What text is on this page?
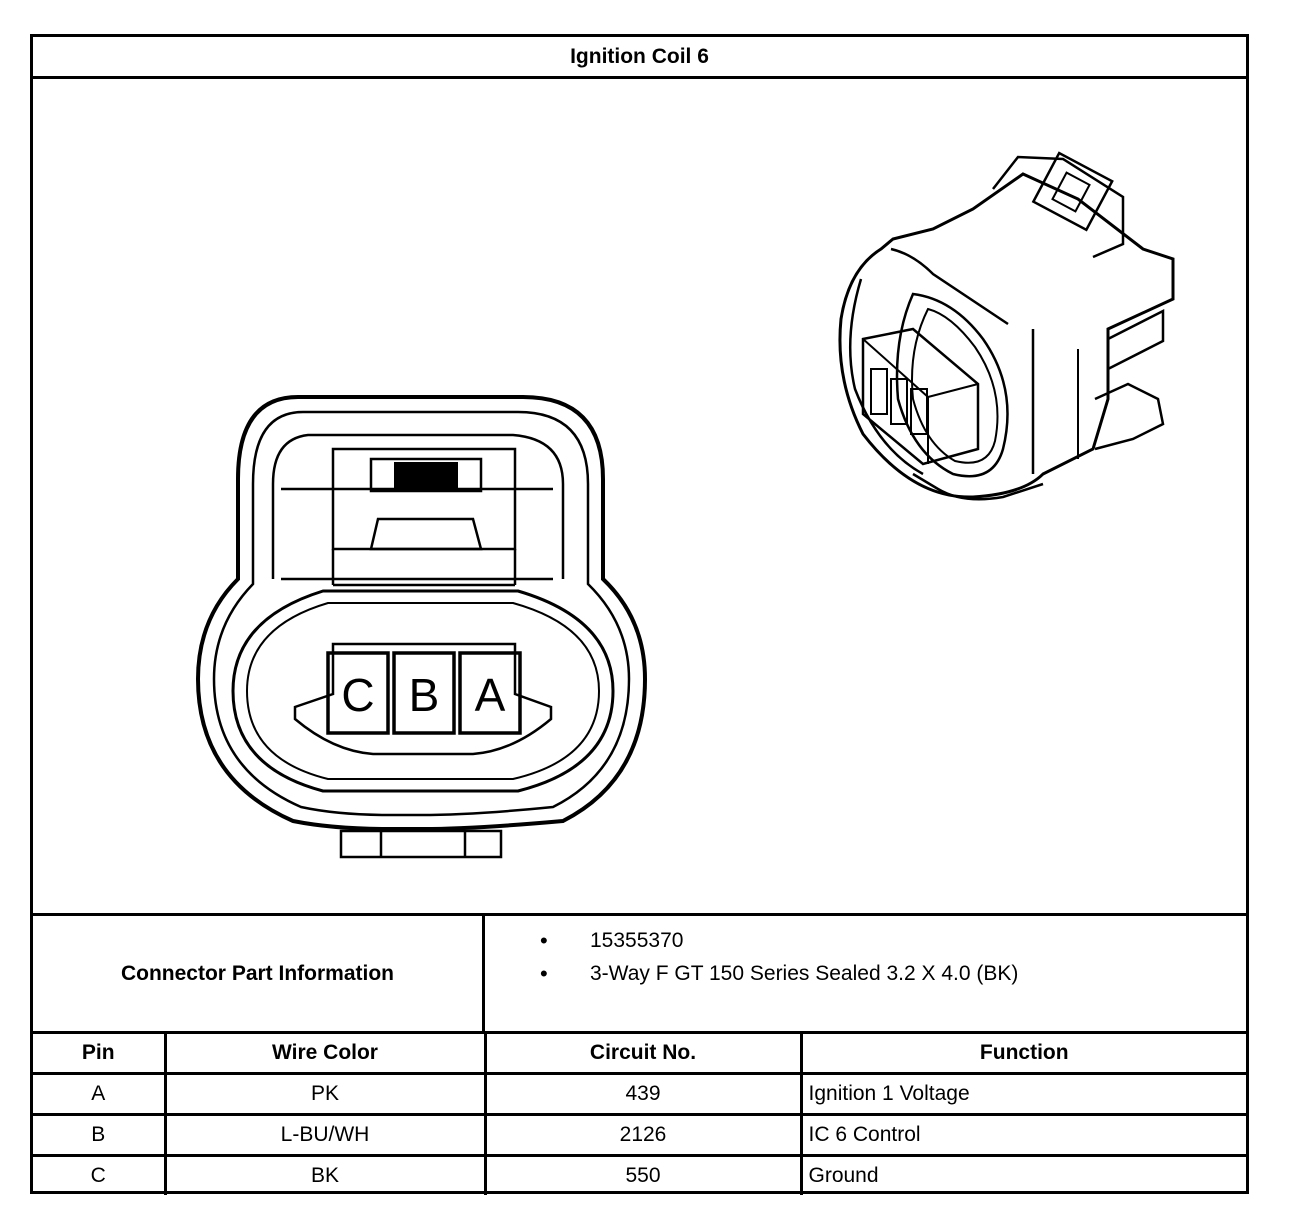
Ignition Coil 6
C B A
Connector Part Information
• 15355370
• 3-Way F GT 150 Series Sealed 3.2 X 4.0 (BK)
Pin	Wire Color	Circuit No.	Function
A	PK	439	Ignition 1 Voltage
B	L-BU/WH	2126	IC 6 Control
C	BK	550	Ground
